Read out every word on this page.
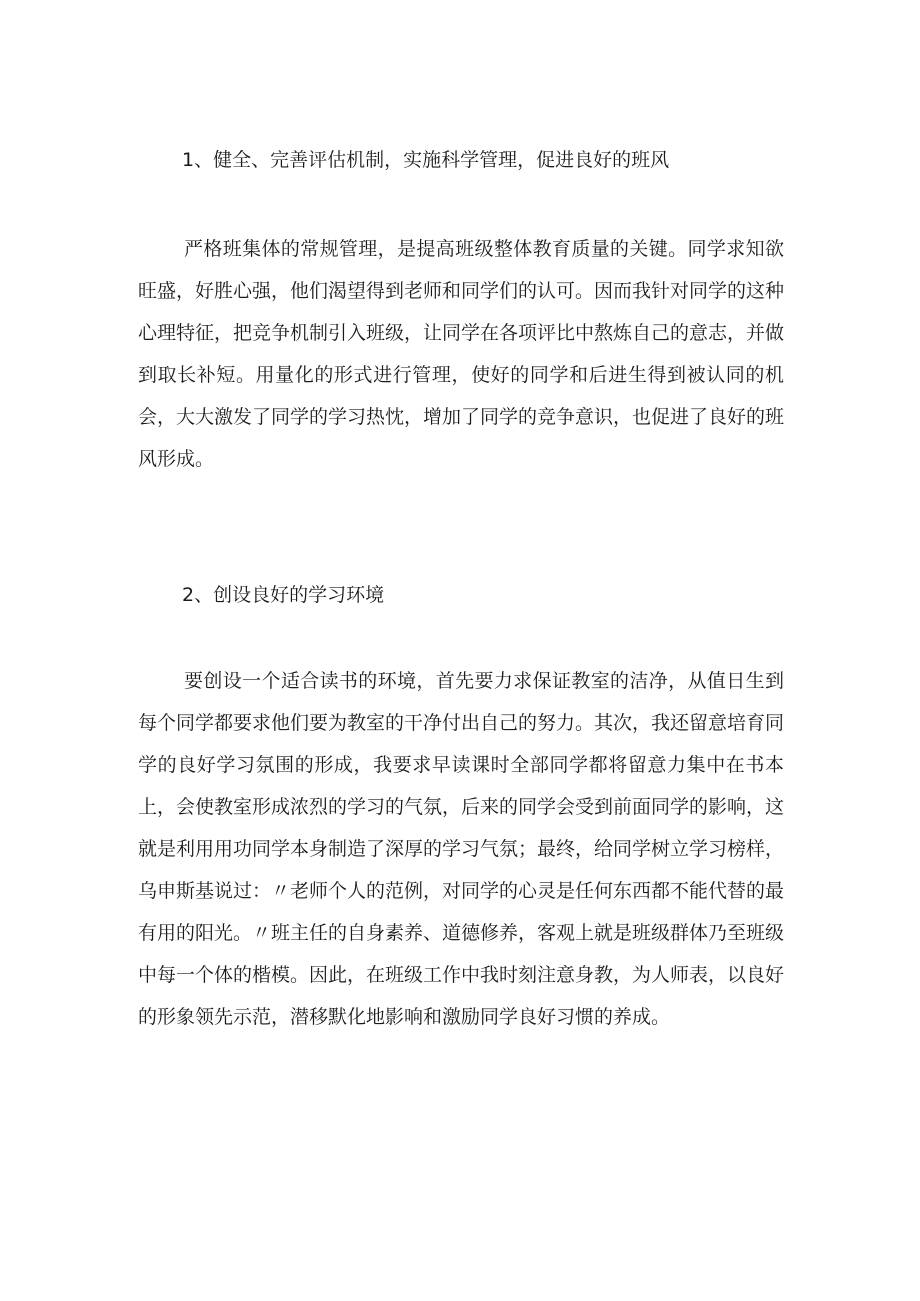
1、健全、完善评估机制，实施科学管理，促进良好的班风

严格班集体的常规管理，是提高班级整体教育质量的关键。同学求知欲旺盛，好胜心强，他们渴望得到老师和同学们的认可。因而我针对同学的这种心理特征，把竞争机制引入班级，让同学在各项评比中熬炼自己的意志，并做到取长补短。用量化的形式进行管理，使好的同学和后进生得到被认同的机会，大大激发了同学的学习热忱，增加了同学的竞争意识，也促进了良好的班风形成。

2、创设良好的学习环境

要创设一个适合读书的环境，首先要力求保证教室的洁净，从值日生到每个同学都要求他们要为教室的干净付出自己的努力。其次，我还留意培育同学的良好学习氛围的形成，我要求早读课时全部同学都将留意力集中在书本上，会使教室形成浓烈的学习的气氛，后来的同学会受到前面同学的影响，这就是利用用功同学本身制造了深厚的学习气氛；最终，给同学树立学习榜样，乌申斯基说过：〃老师个人的范例，对同学的心灵是任何东西都不能代替的最有用的阳光。〃班主任的自身素养、道德修养，客观上就是班级群体乃至班级中每一个体的楷模。因此，在班级工作中我时刻注意身教，为人师表，以良好的形象领先示范，潜移默化地影响和激励同学良好习惯的养成。
